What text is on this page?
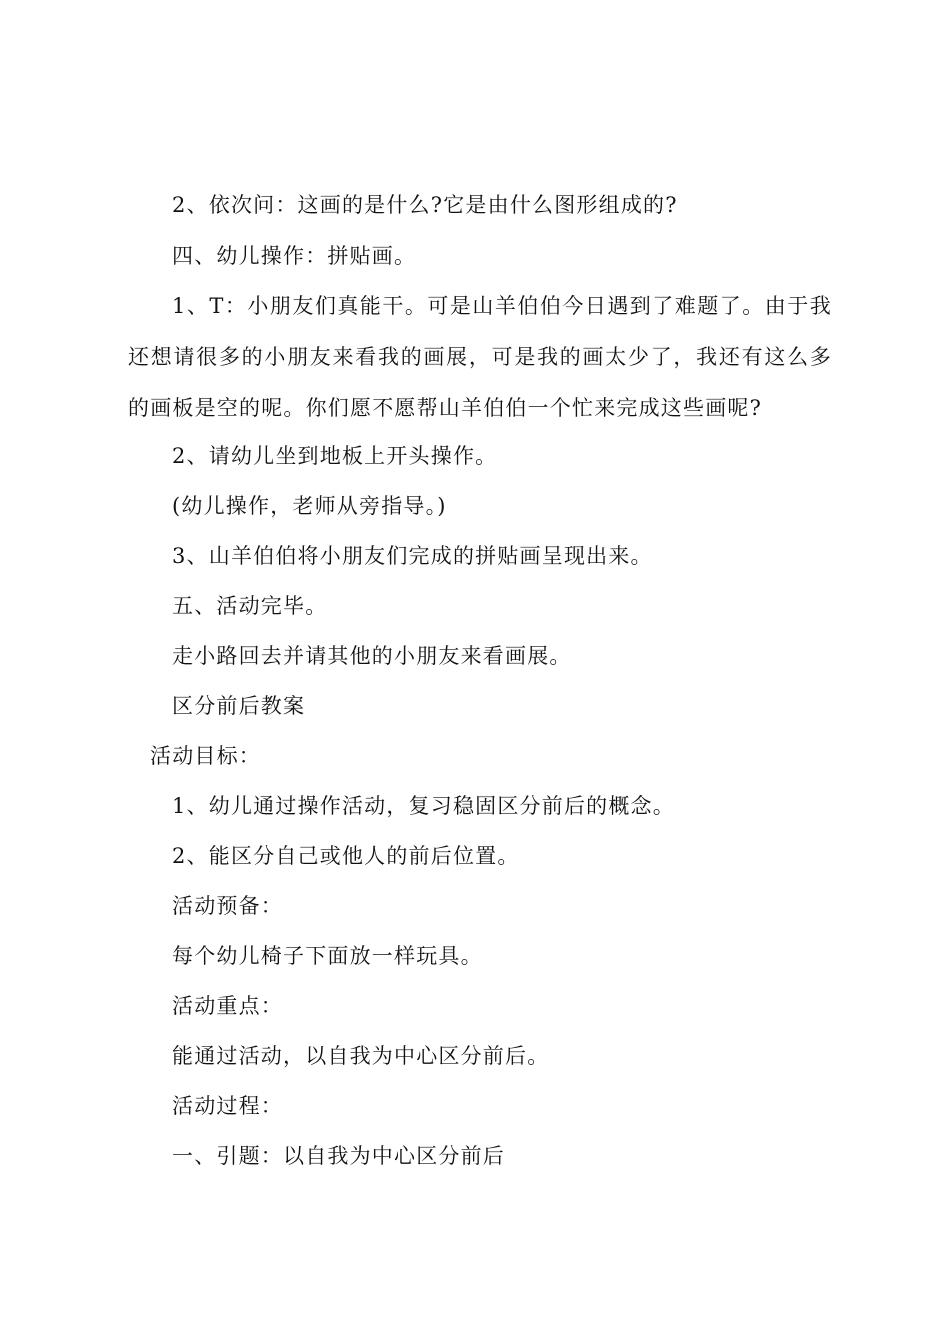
2、依次问：这画的是什么?它是由什么图形组成的?
四、幼儿操作：拼贴画。
1、T：小朋友们真能干。可是山羊伯伯今日遇到了难题了。由于我还想请很多的小朋友来看我的画展，可是我的画太少了，我还有这么多的画板是空的呢。你们愿不愿帮山羊伯伯一个忙来完成这些画呢?
2、请幼儿坐到地板上开头操作。
(幼儿操作，老师从旁指导。)
3、山羊伯伯将小朋友们完成的拼贴画呈现出来。
五、活动完毕。
走小路回去并请其他的小朋友来看画展。
区分前后教案
活动目标：
1、幼儿通过操作活动，复习稳固区分前后的概念。
2、能区分自己或他人的前后位置。
活动预备：
每个幼儿椅子下面放一样玩具。
活动重点：
能通过活动，以自我为中心区分前后。
活动过程：
一、引题：以自我为中心区分前后
